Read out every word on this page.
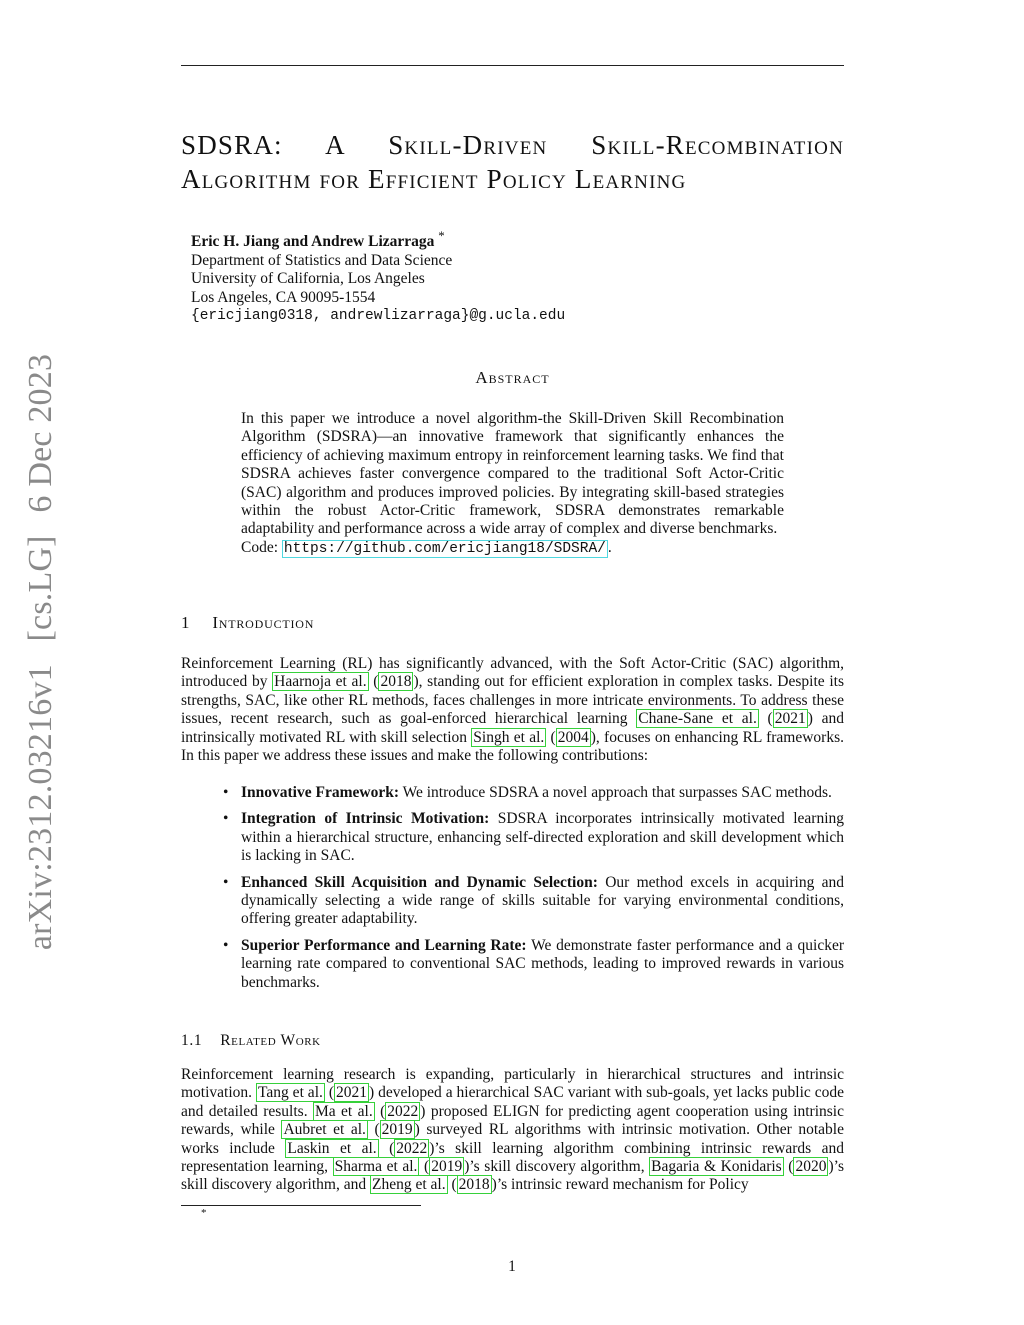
arXiv:2312.03216v1 [cs.LG] 6 Dec 2023
SDSRA: A Skill-Driven Skill-Recombination
Algorithm for Efficient Policy Learning
Eric H. Jiang and Andrew Lizarraga *
Department of Statistics and Data Science
University of California, Los Angeles
Los Angeles, CA 90095-1554
{ericjiang0318, andrewlizarraga}@g.ucla.edu
Abstract
In this paper we introduce a novel algorithm-the Skill-Driven Skill Recombination Algorithm (SDSRA)—an innovative framework that significantly enhances the efficiency of achieving maximum entropy in reinforcement learning tasks. We find that SDSRA achieves faster convergence compared to the traditional Soft Actor-Critic (SAC) algorithm and produces improved policies. By integrating skill-based strategies within the robust Actor-Critic framework, SDSRA demonstrates remarkable adaptability and performance across a wide array of complex and diverse benchmarks.
Code: https://github.com/ericjiang18/SDSRA/ .
1 Introduction
Reinforcement Learning (RL) has significantly advanced, with the Soft Actor-Critic (SAC) algorithm, introduced by Haarnoja et al. ( 2018 ), standing out for efficient exploration in complex tasks. Despite its strengths, SAC, like other RL methods, faces challenges in more intricate environments. To address these issues, recent research, such as goal-enforced hierarchical learning Chane-Sane et al. ( 2021 ) and intrinsically motivated RL with skill selection Singh et al. ( 2004 ), focuses on enhancing RL frameworks. In this paper we address these issues and make the following contributions:
• Innovative Framework: We introduce SDSRA a novel approach that surpasses SAC methods.
• Integration of Intrinsic Motivation: SDSRA incorporates intrinsically motivated learning within a hierarchical structure, enhancing self-directed exploration and skill development which is lacking in SAC.
• Enhanced Skill Acquisition and Dynamic Selection: Our method excels in acquiring and dynamically selecting a wide range of skills suitable for varying environmental conditions, offering greater adaptability.
• Superior Performance and Learning Rate: We demonstrate faster performance and a quicker learning rate compared to conventional SAC methods, leading to improved rewards in various benchmarks.
1.1 Related Work
Reinforcement learning research is expanding, particularly in hierarchical structures and intrinsic motivation. Tang et al. ( 2021 ) developed a hierarchical SAC variant with sub-goals, yet lacks public code and detailed results. Ma et al. ( 2022 ) proposed ELIGN for predicting agent cooperation using intrinsic rewards, while Aubret et al. ( 2019 ) surveyed RL algorithms with intrinsic motivation. Other notable works include Laskin et al. ( 2022 )’s skill learning algorithm combining intrinsic rewards and representation learning, Sharma et al. ( 2019 )’s skill discovery algorithm, Bagaria & Konidaris ( 2020 )’s skill discovery algorithm, and Zheng et al. ( 2018 )’s intrinsic reward mechanism for Policy
*
1
